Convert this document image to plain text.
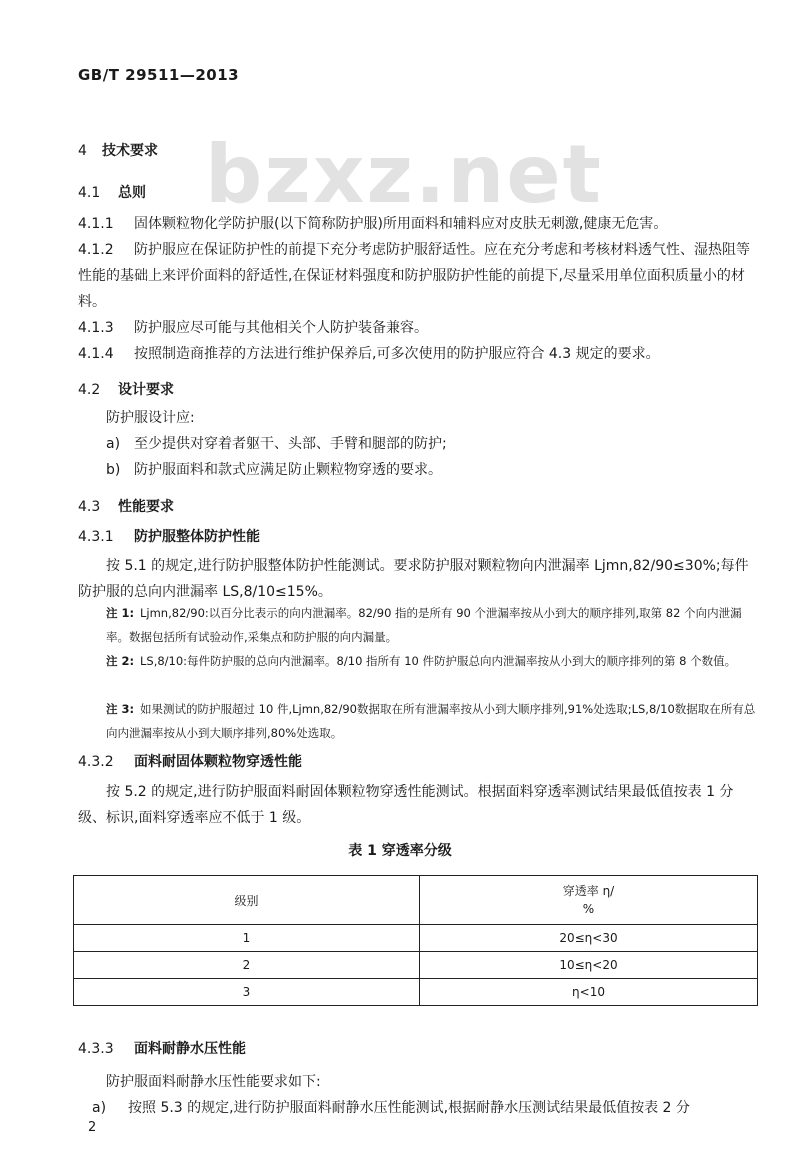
GB/T 29511—2013
bzxz.net
4 技术要求
4.1 总则
4.1.1 固体颗粒物化学防护服(以下简称防护服)所用面料和辅料应对皮肤无刺激,健康无危害。
4.1.2 防护服应在保证防护性的前提下充分考虑防护服舒适性。应在充分考虑和考核材料透气性、湿热阻等性能的基础上来评价面料的舒适性,在保证材料强度和防护服防护性能的前提下,尽量采用单位面积质量小的材料。
4.1.3 防护服应尽可能与其他相关个人防护装备兼容。
4.1.4 按照制造商推荐的方法进行维护保养后,可多次使用的防护服应符合 4.3 规定的要求。
4.2 设计要求
防护服设计应:
a) 至少提供对穿着者躯干、头部、手臂和腿部的防护;
b) 防护服面料和款式应满足防止颗粒物穿透的要求。
4.3 性能要求
4.3.1 防护服整体防护性能
按 5.1 的规定,进行防护服整体防护性能测试。要求防护服对颗粒物向内泄漏率 Ljmn,82/90≤30%;每件防护服的总向内泄漏率 LS,8/10≤15%。
注 1: Ljmn,82/90:以百分比表示的向内泄漏率。82/90 指的是所有 90 个泄漏率按从小到大的顺序排列,取第 82 个向内泄漏率。数据包括所有试验动作,采集点和防护服的向内漏量。
注 2: LS,8/10:每件防护服的总向内泄漏率。8/10 指所有 10 件防护服总向内泄漏率按从小到大的顺序排列的第 8 个数值。
注 3: 如果测试的防护服超过 10 件,Ljmn,82/90数据取在所有泄漏率按从小到大顺序排列,91%处选取;LS,8/10数据取在所有总向内泄漏率按从小到大顺序排列,80%处选取。
4.3.2 面料耐固体颗粒物穿透性能
按 5.2 的规定,进行防护服面料耐固体颗粒物穿透性能测试。根据面料穿透率测试结果最低值按表 1 分级、标识,面料穿透率应不低于 1 级。
表 1 穿透率分级
级别	穿透率 η/
%

1	20≤η<30
2	10≤η<20
3	η<10
4.3.3 面料耐静水压性能
防护服面料耐静水压性能要求如下:
a) 按照 5.3 的规定,进行防护服面料耐静水压性能测试,根据耐静水压测试结果最低值按表 2 分
2
